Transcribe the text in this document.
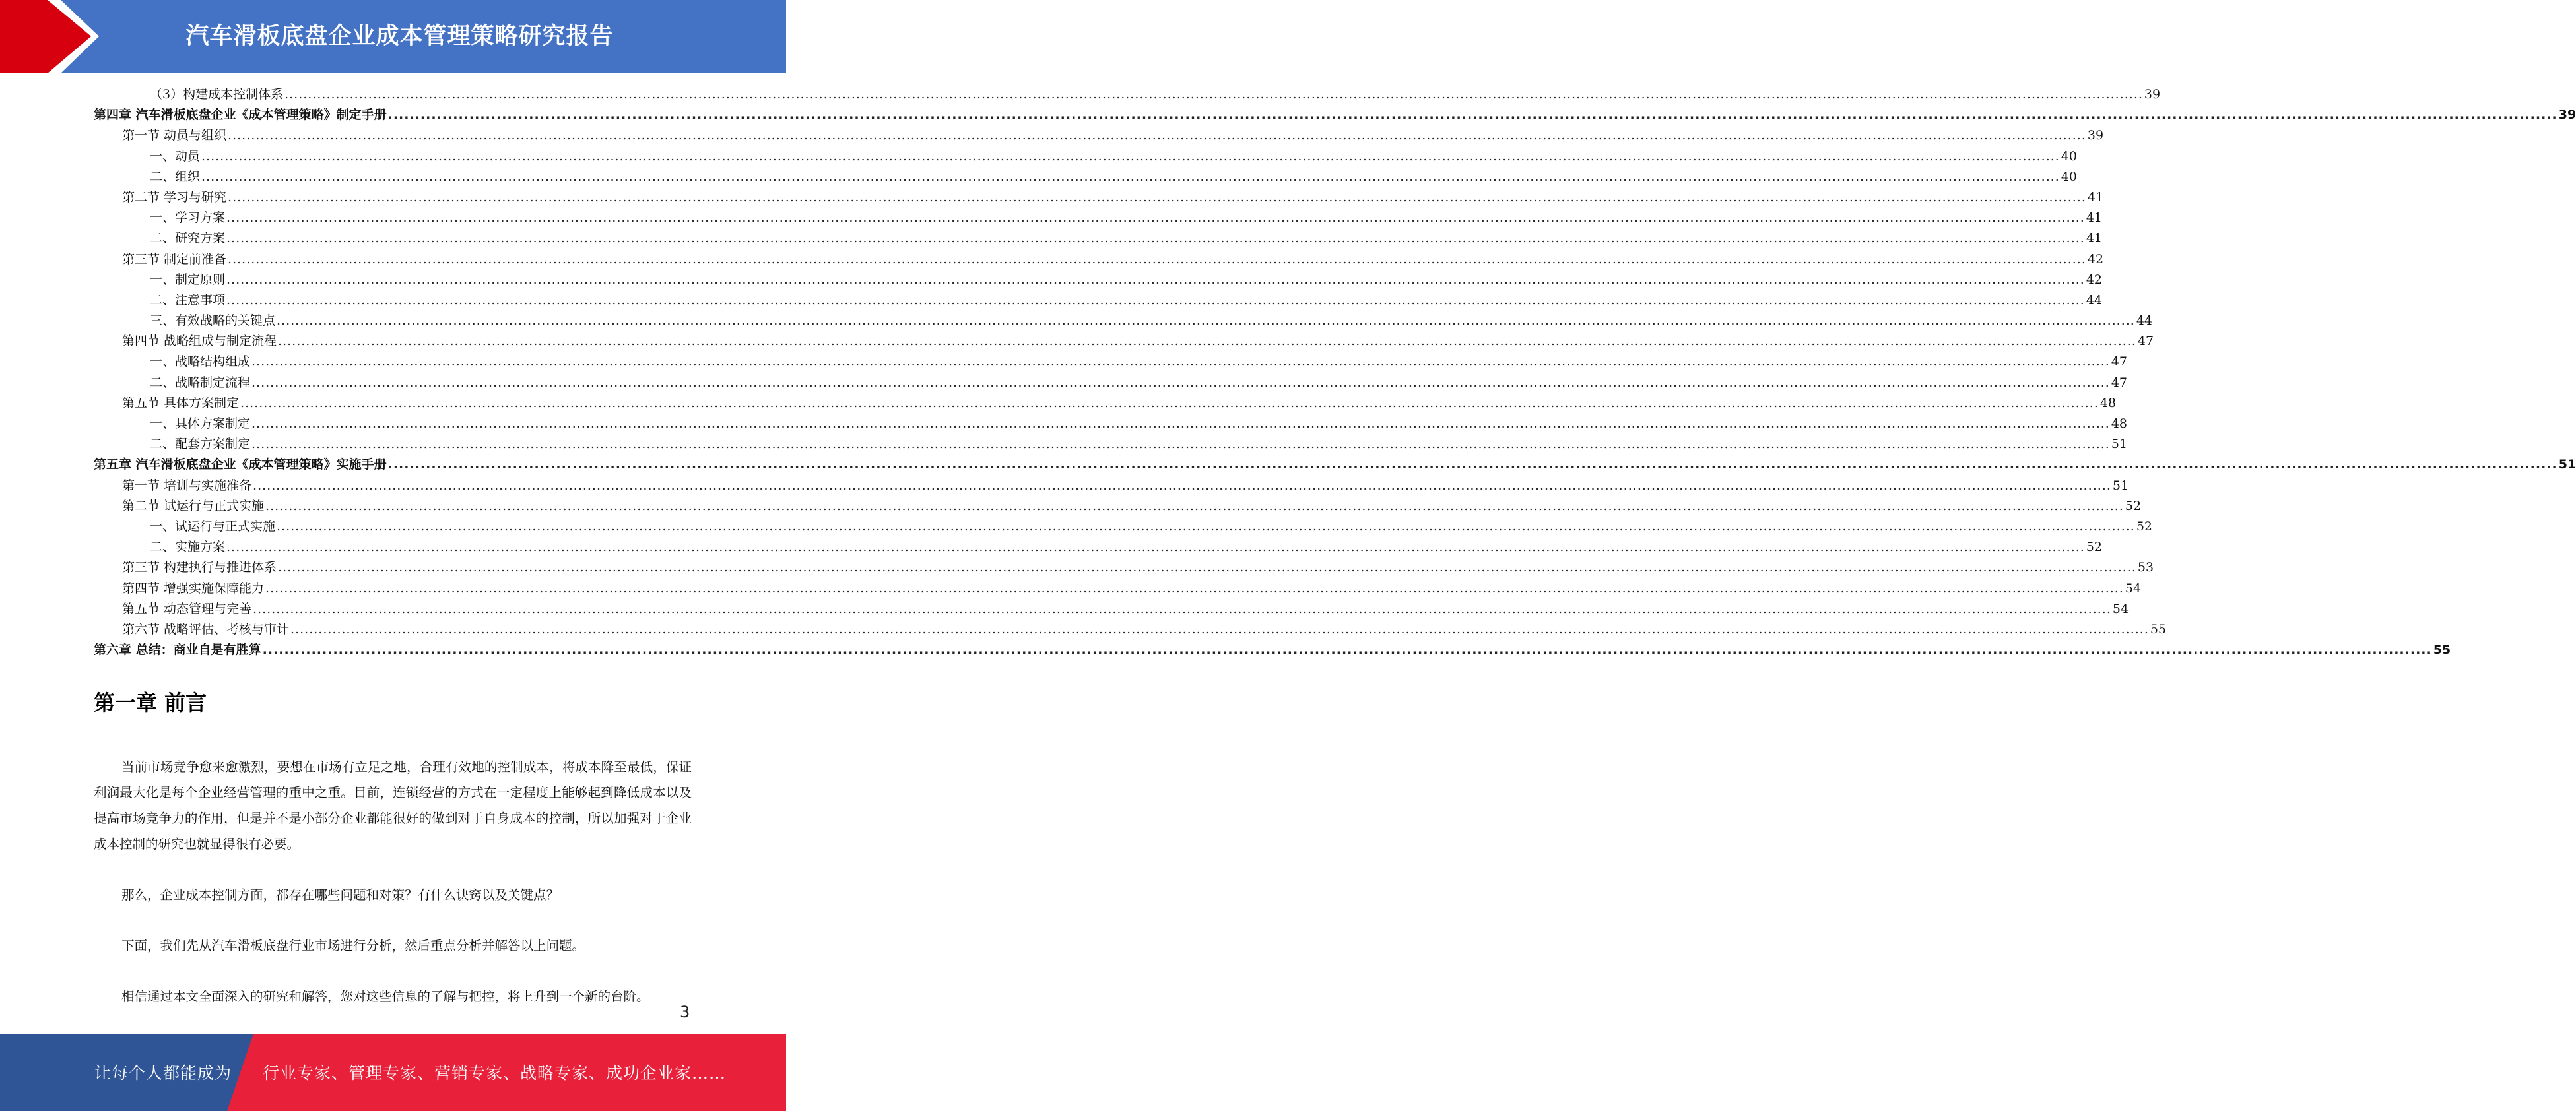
汽车滑板底盘企业成本管理策略研究报告
（3）构建成本控制体系 ................................................................................................................................................................................................................................................................................................................................................................................................................ 39
第四章 汽车滑板底盘企业《成本管理策略》制定手册 ................................................................................................................................................................................................................................................................................................................................................................................................................ 39
第一节 动员与组织 ................................................................................................................................................................................................................................................................................................................................................................................................................ 39
一、动员 ................................................................................................................................................................................................................................................................................................................................................................................................................ 40
二、组织 ................................................................................................................................................................................................................................................................................................................................................................................................................ 40
第二节 学习与研究 ................................................................................................................................................................................................................................................................................................................................................................................................................ 41
一、学习方案 ................................................................................................................................................................................................................................................................................................................................................................................................................ 41
二、研究方案 ................................................................................................................................................................................................................................................................................................................................................................................................................ 41
第三节 制定前准备 ................................................................................................................................................................................................................................................................................................................................................................................................................ 42
一、制定原则 ................................................................................................................................................................................................................................................................................................................................................................................................................ 42
二、注意事项 ................................................................................................................................................................................................................................................................................................................................................................................................................ 44
三、有效战略的关键点 ................................................................................................................................................................................................................................................................................................................................................................................................................ 44
第四节 战略组成与制定流程 ................................................................................................................................................................................................................................................................................................................................................................................................................ 47
一、战略结构组成 ................................................................................................................................................................................................................................................................................................................................................................................................................ 47
二、战略制定流程 ................................................................................................................................................................................................................................................................................................................................................................................................................ 47
第五节 具体方案制定 ................................................................................................................................................................................................................................................................................................................................................................................................................ 48
一、具体方案制定 ................................................................................................................................................................................................................................................................................................................................................................................................................ 48
二、配套方案制定 ................................................................................................................................................................................................................................................................................................................................................................................................................ 51
第五章 汽车滑板底盘企业《成本管理策略》实施手册 ................................................................................................................................................................................................................................................................................................................................................................................................................ 51
第一节 培训与实施准备 ................................................................................................................................................................................................................................................................................................................................................................................................................ 51
第二节 试运行与正式实施 ................................................................................................................................................................................................................................................................................................................................................................................................................ 52
一、试运行与正式实施 ................................................................................................................................................................................................................................................................................................................................................................................................................ 52
二、实施方案 ................................................................................................................................................................................................................................................................................................................................................................................................................ 52
第三节 构建执行与推进体系 ................................................................................................................................................................................................................................................................................................................................................................................................................ 53
第四节 增强实施保障能力 ................................................................................................................................................................................................................................................................................................................................................................................................................ 54
第五节 动态管理与完善 ................................................................................................................................................................................................................................................................................................................................................................................................................ 54
第六节 战略评估、考核与审计 ................................................................................................................................................................................................................................................................................................................................................................................................................ 55
第六章 总结：商业自是有胜算 ................................................................................................................................................................................................................................................................................................................................................................................................................ 55
第一章 前言

当前市场竞争愈来愈激烈，要想在市场有立足之地，合理有效地的控制成本，将成本降至最低，保证利润最大化是每个企业经营管理的重中之重。目前，连锁经营的方式在一定程度上能够起到降低成本以及提高市场竞争力的作用，但是并不是小部分企业都能很好的做到对于自身成本的控制，所以加强对于企业成本控制的研究也就显得很有必要。

那么，企业成本控制方面，都存在哪些问题和对策？有什么诀窍以及关键点？

下面，我们先从汽车滑板底盘行业市场进行分析，然后重点分析并解答以上问题。

相信通过本文全面深入的研究和解答，您对这些信息的了解与把控，将上升到一个新的台阶。

3
让每个人都能成为 行业专家、管理专家、营销专家、战略专家、成功企业家……
